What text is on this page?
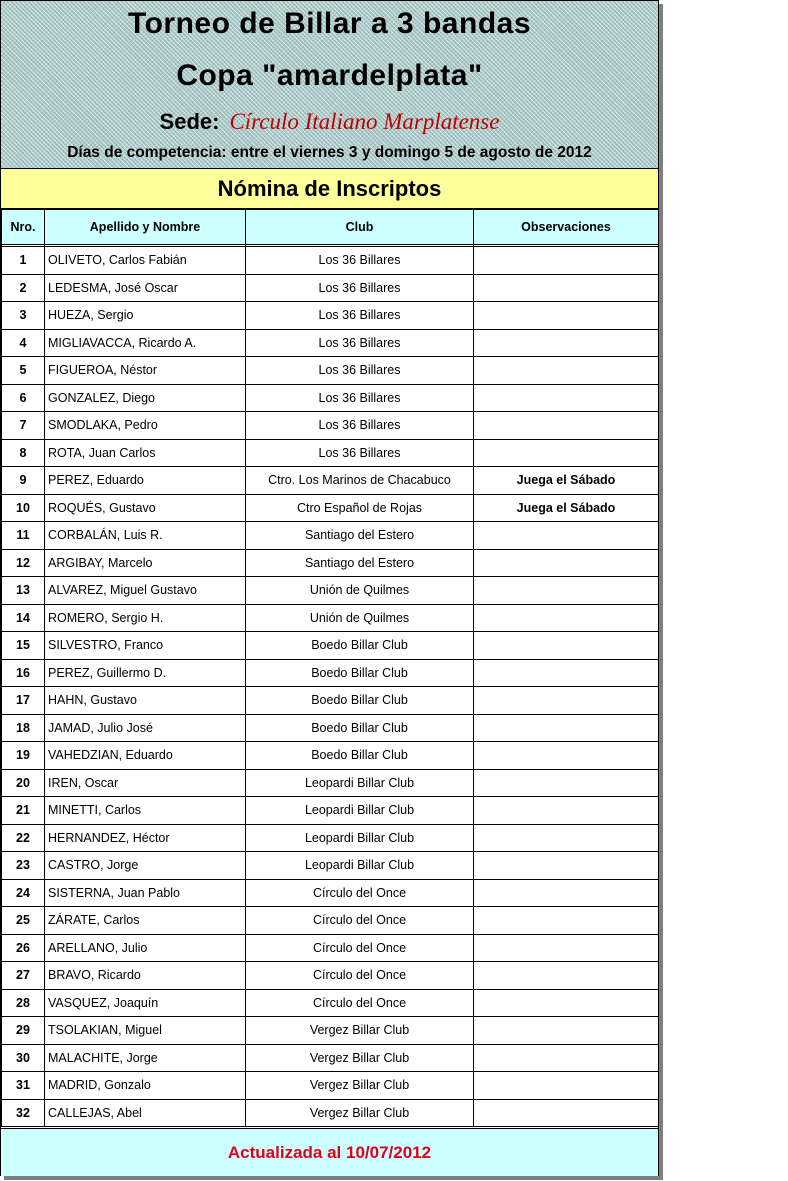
Torneo de Billar a 3 bandas
Copa "amardelplata"
Sede: Círculo Italiano Marplatense
Días de competencia: entre el viernes 3 y domingo 5 de agosto de 2012
Nómina de Inscriptos
Nro.	Apellido y Nombre	Club	Observaciones

1	OLIVETO, Carlos Fabián	Los 36 Billares	
2	LEDESMA, José Oscar	Los 36 Billares	
3	HUEZA, Sergio	Los 36 Billares	
4	MIGLIAVACCA, Ricardo A.	Los 36 Billares	
5	FIGUEROA, Néstor	Los 36 Billares	
6	GONZALEZ, Diego	Los 36 Billares	
7	SMODLAKA, Pedro	Los 36 Billares	
8	ROTA, Juan Carlos	Los 36 Billares	
9	PEREZ, Eduardo	Ctro. Los Marinos de Chacabuco	Juega el Sábado
10	ROQUÉS, Gustavo	Ctro Español de Rojas	Juega el Sábado
11	CORBALÁN, Luis R.	Santiago del Estero	
12	ARGIBAY, Marcelo	Santiago del Estero	
13	ALVAREZ, Miguel Gustavo	Unión de Quilmes	
14	ROMERO, Sergio H.	Unión de Quilmes	
15	SILVESTRO, Franco	Boedo Billar Club	
16	PEREZ, Guillermo D.	Boedo Billar Club	
17	HAHN, Gustavo	Boedo Billar Club	
18	JAMAD, Julio José	Boedo Billar Club	
19	VAHEDZIAN, Eduardo	Boedo Billar Club	
20	IREN, Oscar	Leopardi Billar Club	
21	MINETTI, Carlos	Leopardi Billar Club	
22	HERNANDEZ, Héctor	Leopardi Billar Club	
23	CASTRO, Jorge	Leopardi Billar Club	
24	SISTERNA, Juan Pablo	Círculo del Once	
25	ZÁRATE, Carlos	Círculo del Once	
26	ARELLANO, Julio	Círculo del Once	
27	BRAVO, Ricardo	Círculo del Once	
28	VASQUEZ, Joaquín	Círculo del Once	
29	TSOLAKIAN, Miguel	Vergez Billar Club	
30	MALACHITE, Jorge	Vergez Billar Club	
31	MADRID, Gonzalo	Vergez Billar Club	
32	CALLEJAS, Abel	Vergez Billar Club	
Actualizada al 10/07/2012
